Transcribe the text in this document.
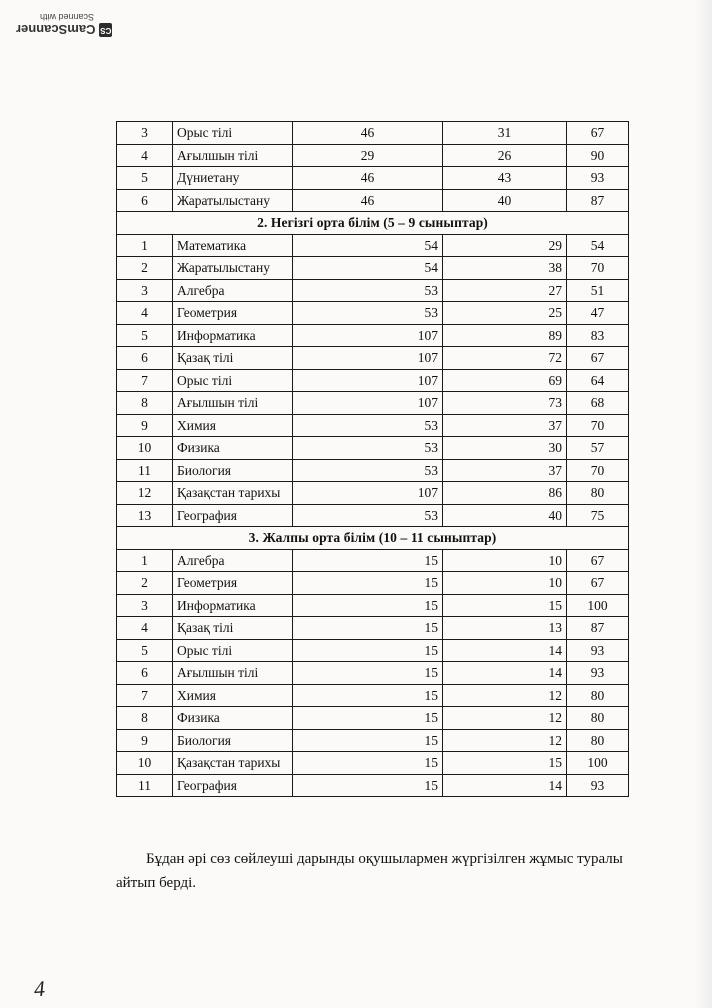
CS
CamScanner
Scanned with
3	Орыс тілі	46	31	67
4	Ағылшын тілі	29	26	90
5	Дүниетану	46	43	93
6	Жаратылыстану	46	40	87
2. Негізгі орта білім (5 – 9 сыныптар)				
1	Математика	54	29	54
2	Жаратылыстану	54	38	70
3	Алгебра	53	27	51
4	Геометрия	53	25	47
5	Информатика	107	89	83
6	Қазақ тілі	107	72	67
7	Орыс тілі	107	69	64
8	Ағылшын тілі	107	73	68
9	Химия	53	37	70
10	Физика	53	30	57
11	Биология	53	37	70
12	Қазақстан тарихы	107	86	80
13	География	53	40	75
3. Жалпы орта білім (10 – 11 сыныптар)				
1	Алгебра	15	10	67
2	Геометрия	15	10	67
3	Информатика	15	15	100
4	Қазақ тілі	15	13	87
5	Орыс тілі	15	14	93
6	Ағылшын тілі	15	14	93
7	Химия	15	12	80
8	Физика	15	12	80
9	Биология	15	12	80
10	Қазақстан тарихы	15	15	100
11	География	15	14	93

Бұдан әрі сөз сөйлеуші дарынды оқушылармен жүргізілген жұмыс туралы айтып берді.

4
